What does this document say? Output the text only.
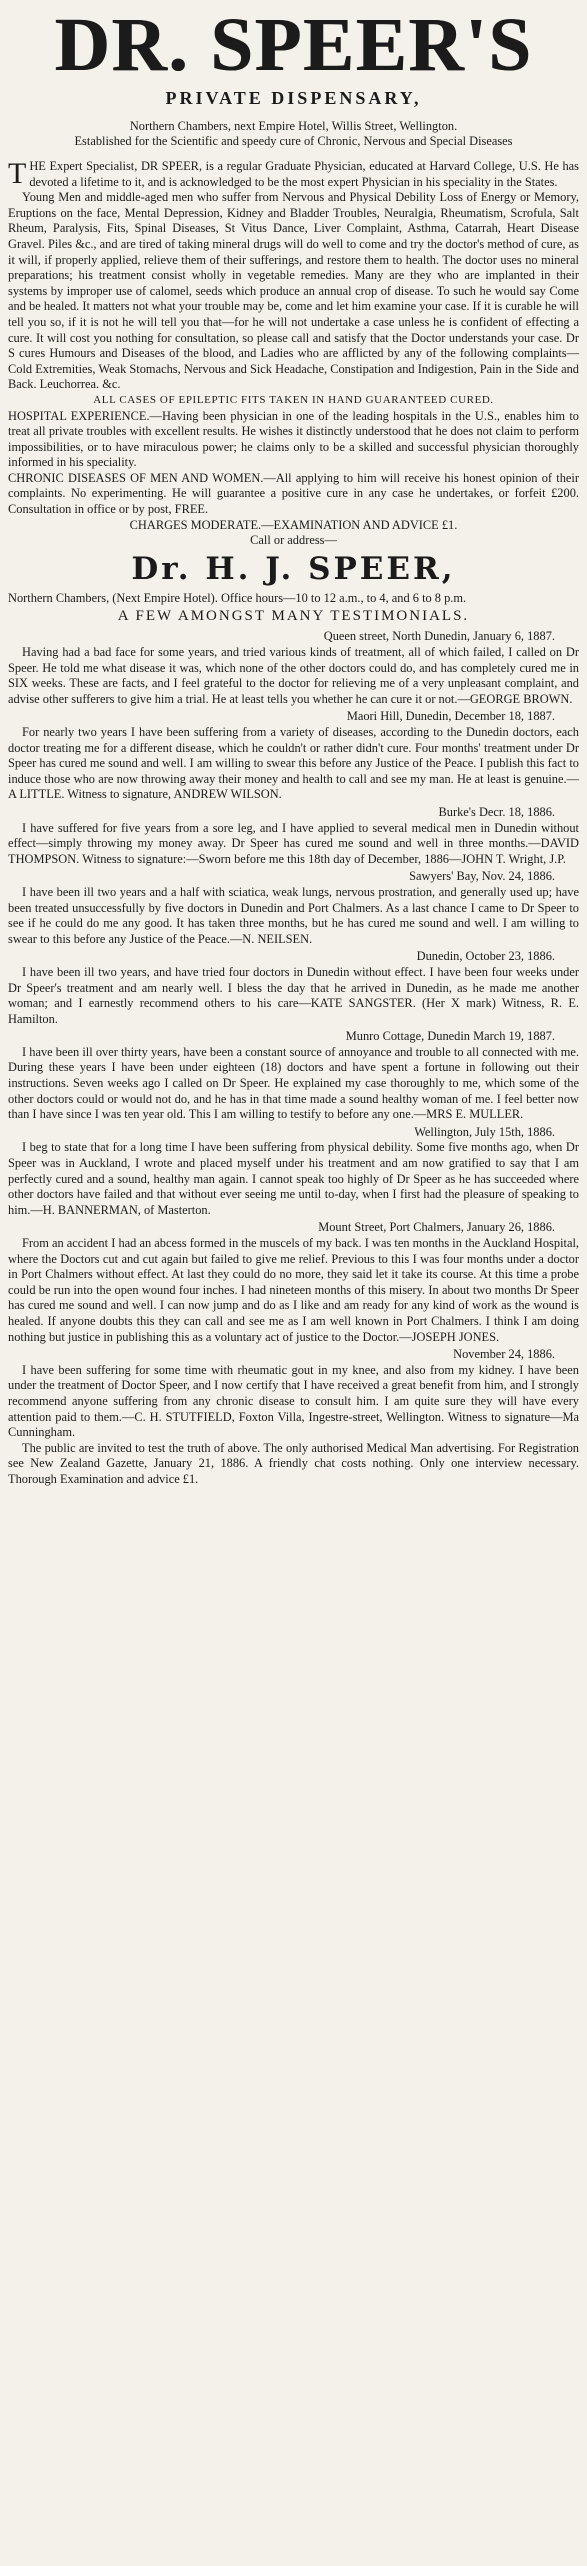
DR. SPEER'S
PRIVATE DISPENSARY,

Northern Chambers, next Empire Hotel, Willis Street, Wellington.

Established for the Scientific and speedy cure of Chronic, Nervous and Special Diseases

THE Expert Specialist, DR SPEER, is a regular Graduate Physician, educated at Harvard College, U.S. He has devoted a lifetime to it, and is acknowledged to be the most expert Physician in his speciality in the States.

Young Men and middle-aged men who suffer from Nervous and Physical Debility Loss of Energy or Memory, Eruptions on the face, Mental Depression, Kidney and Bladder Troubles, Neuralgia, Rheumatism, Scrofula, Salt Rheum, Paralysis, Fits, Spinal Diseases, St Vitus Dance, Liver Complaint, Asthma, Catarrah, Heart Disease Gravel. Piles &c., and are tired of taking mineral drugs will do well to come and try the doctor's method of cure, as it will, if properly applied, relieve them of their sufferings, and restore them to health. The doctor uses no mineral preparations; his treatment consist wholly in vegetable remedies. Many are they who are implanted in their systems by improper use of calomel, seeds which produce an annual crop of disease. To such he would say Come and be healed. It matters not what your trouble may be, come and let him examine your case. If it is curable he will tell you so, if it is not he will tell you that—for he will not undertake a case unless he is confident of effecting a cure. It will cost you nothing for consultation, so please call and satisfy that the Doctor understands your case. Dr S cures Humours and Diseases of the blood, and Ladies who are afflicted by any of the following complaints—Cold Extremities, Weak Stomachs, Nervous and Sick Headache, Constipation and Indigestion, Pain in the Side and Back. Leuchorrea. &c.

ALL CASES OF EPILEPTIC FITS TAKEN IN HAND GUARANTEED CURED.

HOSPITAL EXPERIENCE.—Having been physician in one of the leading hospitals in the U.S., enables him to treat all private troubles with excellent results. He wishes it distinctly understood that he does not claim to perform impossibilities, or to have miraculous power; he claims only to be a skilled and successful physician thoroughly informed in his speciality.

CHRONIC DISEASES OF MEN AND WOMEN.—All applying to him will receive his honest opinion of their complaints. No experimenting. He will guarantee a positive cure in any case he undertakes, or forfeit £200. Consultation in office or by post, FREE.

CHARGES MODERATE.—EXAMINATION AND ADVICE £1.

Call or address—

Dr. H. J. SPEER,

Northern Chambers, (Next Empire Hotel). Office hours—10 to 12 a.m., to 4, and 6 to 8 p.m.

A FEW AMONGST MANY TESTIMONIALS.
Queen street, North Dunedin, January 6, 1887.

Having had a bad face for some years, and tried various kinds of treatment, all of which failed, I called on Dr Speer. He told me what disease it was, which none of the other doctors could do, and has completely cured me in SIX weeks. These are facts, and I feel grateful to the doctor for relieving me of a very unpleasant complaint, and advise other sufferers to give him a trial. He at least tells you whether he can cure it or not.—GEORGE BROWN.

Maori Hill, Dunedin, December 18, 1887.

For nearly two years I have been suffering from a variety of diseases, according to the Dunedin doctors, each doctor treating me for a different disease, which he couldn't or rather didn't cure. Four months' treatment under Dr Speer has cured me sound and well. I am willing to swear this before any Justice of the Peace. I publish this fact to induce those who are now throwing away their money and health to call and see my man. He at least is genuine.—A LITTLE. Witness to signature, ANDREW WILSON.

Burke's Decr. 18, 1886.

I have suffered for five years from a sore leg, and I have applied to several medical men in Dunedin without effect—simply throwing my money away. Dr Speer has cured me sound and well in three months.—DAVID THOMPSON. Witness to signature:—Sworn before me this 18th day of December, 1886—JOHN T. Wright, J.P.

Sawyers' Bay, Nov. 24, 1886.

I have been ill two years and a half with sciatica, weak lungs, nervous prostration, and generally used up; have been treated unsuccessfully by five doctors in Dunedin and Port Chalmers. As a last chance I came to Dr Speer to see if he could do me any good. It has taken three months, but he has cured me sound and well. I am willing to swear to this before any Justice of the Peace.—N. NEILSEN.

Dunedin, October 23, 1886.

I have been ill two years, and have tried four doctors in Dunedin without effect. I have been four weeks under Dr Speer's treatment and am nearly well. I bless the day that he arrived in Dunedin, as he made me another woman; and I earnestly recommend others to his care—KATE SANGSTER. (Her X mark) Witness, R. E. Hamilton.

Munro Cottage, Dunedin March 19, 1887.

I have been ill over thirty years, have been a constant source of annoyance and trouble to all connected with me. During these years I have been under eighteen (18) doctors and have spent a fortune in following out their instructions. Seven weeks ago I called on Dr Speer. He explained my case thoroughly to me, which some of the other doctors could or would not do, and he has in that time made a sound healthy woman of me. I feel better now than I have since I was ten year old. This I am willing to testify to before any one.—MRS E. MULLER.

Wellington, July 15th, 1886.

I beg to state that for a long time I have been suffering from physical debility. Some five months ago, when Dr Speer was in Auckland, I wrote and placed myself under his treatment and am now gratified to say that I am perfectly cured and a sound, healthy man again. I cannot speak too highly of Dr Speer as he has succeeded where other doctors have failed and that without ever seeing me until to-day, when I first had the pleasure of speaking to him.—H. BANNERMAN, of Masterton.

Mount Street, Port Chalmers, January 26, 1886.

From an accident I had an abcess formed in the muscels of my back. I was ten months in the Auckland Hospital, where the Doctors cut and cut again but failed to give me relief. Previous to this I was four months under a doctor in Port Chalmers without effect. At last they could do no more, they said let it take its course. At this time a probe could be run into the open wound four inches. I had nineteen months of this misery. In about two months Dr Speer has cured me sound and well. I can now jump and do as I like and am ready for any kind of work as the wound is healed. If anyone doubts this they can call and see me as I am well known in Port Chalmers. I think I am doing nothing but justice in publishing this as a voluntary act of justice to the Doctor.—JOSEPH JONES.

November 24, 1886.

I have been suffering for some time with rheumatic gout in my knee, and also from my kidney. I have been under the treatment of Doctor Speer, and I now certify that I have received a great benefit from him, and I strongly recommend anyone suffering from any chronic disease to consult him. I am quite sure they will have every attention paid to them.—C. H. STUTFIELD, Foxton Villa, Ingestre-street, Wellington. Witness to signature—Ma Cunningham.

The public are invited to test the truth of above. The only authorised Medical Man advertising. For Registration see New Zealand Gazette, January 21, 1886. A friendly chat costs nothing. Only one interview necessary. Thorough Examination and advice £1.
